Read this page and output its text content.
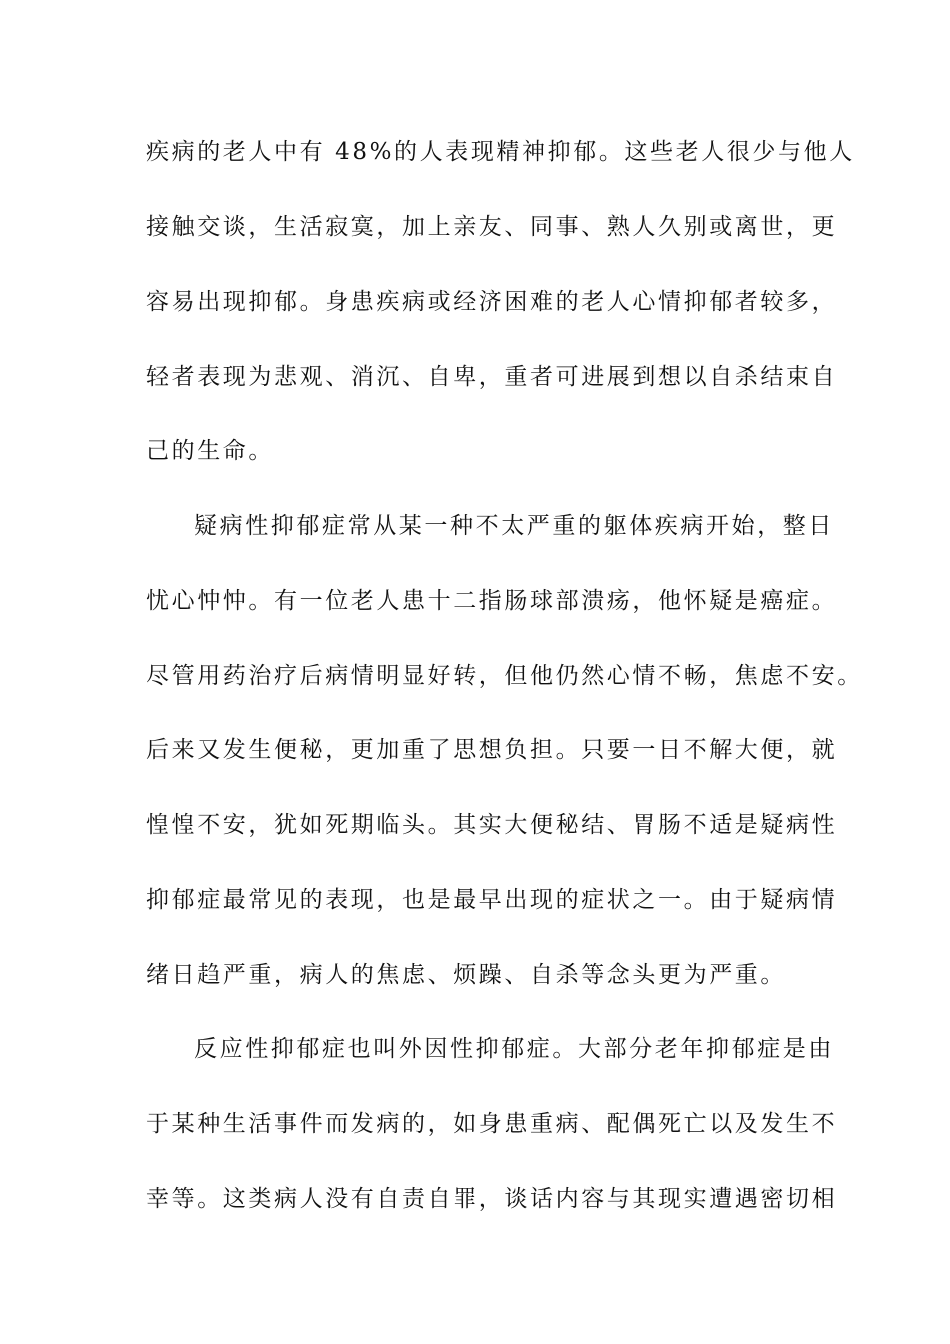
疾病的老人中有 48%的人表现精神抑郁。这些老人很少与他人
接触交谈，生活寂寞，加上亲友、同事、熟人久别或离世，更
容易出现抑郁。身患疾病或经济困难的老人心情抑郁者较多，
轻者表现为悲观、消沉、自卑，重者可进展到想以自杀结束自
己的生命。
疑病性抑郁症常从某一种不太严重的躯体疾病开始，整日
忧心忡忡。有一位老人患十二指肠球部溃疡，他怀疑是癌症。
尽管用药治疗后病情明显好转，但他仍然心情不畅，焦虑不安。
后来又发生便秘，更加重了思想负担。只要一日不解大便，就
惶惶不安，犹如死期临头。其实大便秘结、胃肠不适是疑病性
抑郁症最常见的表现，也是最早出现的症状之一。由于疑病情
绪日趋严重，病人的焦虑、烦躁、自杀等念头更为严重。
反应性抑郁症也叫外因性抑郁症。大部分老年抑郁症是由
于某种生活事件而发病的，如身患重病、配偶死亡以及发生不
幸等。这类病人没有自责自罪，谈话内容与其现实遭遇密切相
